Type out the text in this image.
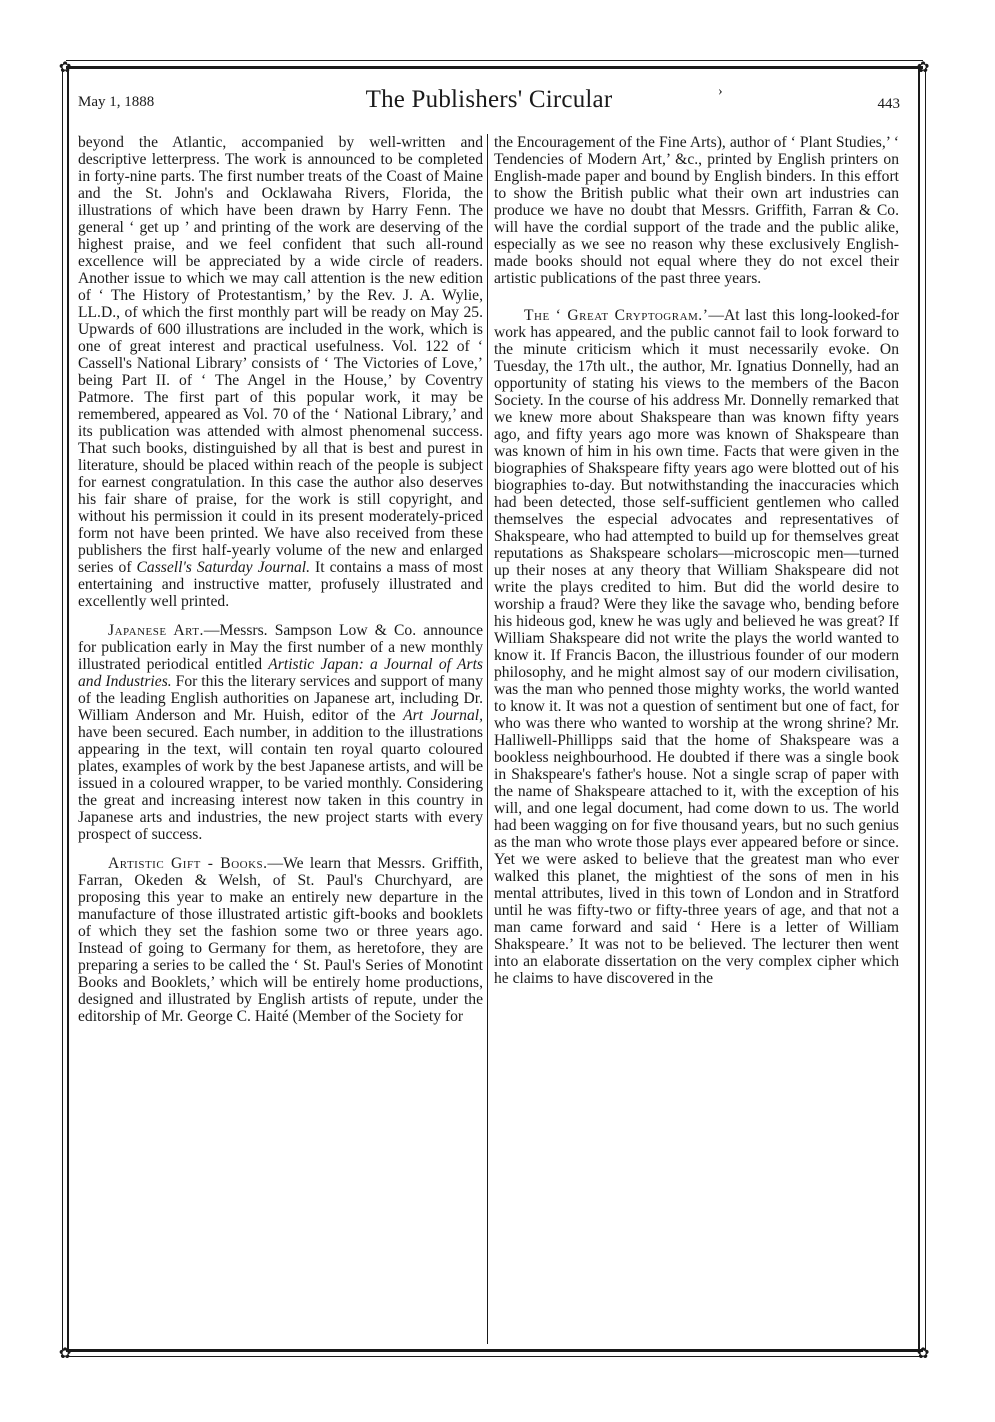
✿	✿
✿	✿
May 1, 1888	The Publishers' Circular	›
443

beyond the Atlantic, accompanied by well-written and descriptive letterpress. The work is announced to be completed in forty-nine parts. The first number treats of the Coast of Maine and the St. John's and Ocklawaha Rivers, Florida, the illustrations of which have been drawn by Harry Fenn. The general ‘ get up ’ and printing of the work are deserving of the highest praise, and we feel confident that such all-round excellence will be appreciated by a wide circle of readers. Another issue to which we may call attention is the new edition of ‘ The History of Protestantism,’ by the Rev. J. A. Wylie, LL.D., of which the first monthly part will be ready on May 25. Upwards of 600 illustrations are included in the work, which is one of great interest and practical usefulness. Vol. 122 of ‘ Cassell's National Library’ consists of ‘ The Victories of Love,’ being Part II. of ‘ The Angel in the House,’ by Coventry Patmore. The first part of this popular work, it may be remembered, appeared as Vol. 70 of the ‘ National Library,’ and its publication was attended with almost phenomenal success. That such books, distinguished by all that is best and purest in literature, should be placed within reach of the people is subject for earnest congratulation. In this case the author also deserves his fair share of praise, for the work is still copyright, and without his permission it could in its present moderately-priced form not have been printed. We have also received from these publishers the first half-yearly volume of the new and enlarged series of Cassell's Saturday Journal. It contains a mass of most entertaining and instructive matter, profusely illustrated and excellently well printed.

Japanese Art.—Messrs. Sampson Low & Co. announce for publication early in May the first number of a new monthly illustrated periodical entitled Artistic Japan: a Journal of Arts and Industries. For this the literary services and support of many of the leading English authorities on Japanese art, including Dr. William Anderson and Mr. Huish, editor of the Art Journal, have been secured. Each number, in addition to the illustrations appearing in the text, will contain ten royal quarto coloured plates, examples of work by the best Japanese artists, and will be issued in a coloured wrapper, to be varied monthly. Considering the great and increasing interest now taken in this country in Japanese arts and industries, the new project starts with every prospect of success.

Artistic Gift - Books.—We learn that Messrs. Griffith, Farran, Okeden & Welsh, of St. Paul's Churchyard, are proposing this year to make an entirely new departure in the manufacture of those illustrated artistic gift-books and booklets of which they set the fashion some two or three years ago. Instead of going to Germany for them, as heretofore, they are preparing a series to be called the ‘ St. Paul's Series of Monotint Books and Booklets,’ which will be entirely home productions, designed and illustrated by English artists of repute, under the editorship of Mr. George C. Haité (Member of the Society for

the Encouragement of the Fine Arts), author of ‘ Plant Studies,’ ‘ Tendencies of Modern Art,’ &c., printed by English printers on English-made paper and bound by English binders. In this effort to show the British public what their own art industries can produce we have no doubt that Messrs. Griffith, Farran & Co. will have the cordial support of the trade and the public alike, especially as we see no reason why these exclusively English-made books should not equal where they do not excel their artistic publications of the past three years.

The ‘ Great Cryptogram.’—At last this long-looked-for work has appeared, and the public cannot fail to look forward to the minute criticism which it must necessarily evoke. On Tuesday, the 17th ult., the author, Mr. Ignatius Donnelly, had an opportunity of stating his views to the members of the Bacon Society. In the course of his address Mr. Donnelly remarked that we knew more about Shakspeare than was known fifty years ago, and fifty years ago more was known of Shakspeare than was known of him in his own time. Facts that were given in the biographies of Shakspeare fifty years ago were blotted out of his biographies to-day. But notwithstanding the inaccuracies which had been detected, those self-sufficient gentlemen who called themselves the especial advocates and representatives of Shakspeare, who had attempted to build up for themselves great reputations as Shakspeare scholars—microscopic men—turned up their noses at any theory that William Shakspeare did not write the plays credited to him. But did the world desire to worship a fraud? Were they like the savage who, bending before his hideous god, knew he was ugly and believed he was great? If William Shakspeare did not write the plays the world wanted to know it. If Francis Bacon, the illustrious founder of our modern philosophy, and he might almost say of our modern civilisation, was the man who penned those mighty works, the world wanted to know it. It was not a question of sentiment but one of fact, for who was there who wanted to worship at the wrong shrine? Mr. Halliwell-Phillipps said that the home of Shakspeare was a bookless neighbourhood. He doubted if there was a single book in Shakspeare's father's house. Not a single scrap of paper with the name of Shakspeare attached to it, with the exception of his will, and one legal document, had come down to us. The world had been wagging on for five thousand years, but no such genius as the man who wrote those plays ever appeared before or since. Yet we were asked to believe that the greatest man who ever walked this planet, the mightiest of the sons of men in his mental attributes, lived in this town of London and in Stratford until he was fifty-two or fifty-three years of age, and that not a man came forward and said ‘ Here is a letter of William Shakspeare.’ It was not to be believed. The lecturer then went into an elaborate dissertation on the very complex cipher which he claims to have discovered in the
